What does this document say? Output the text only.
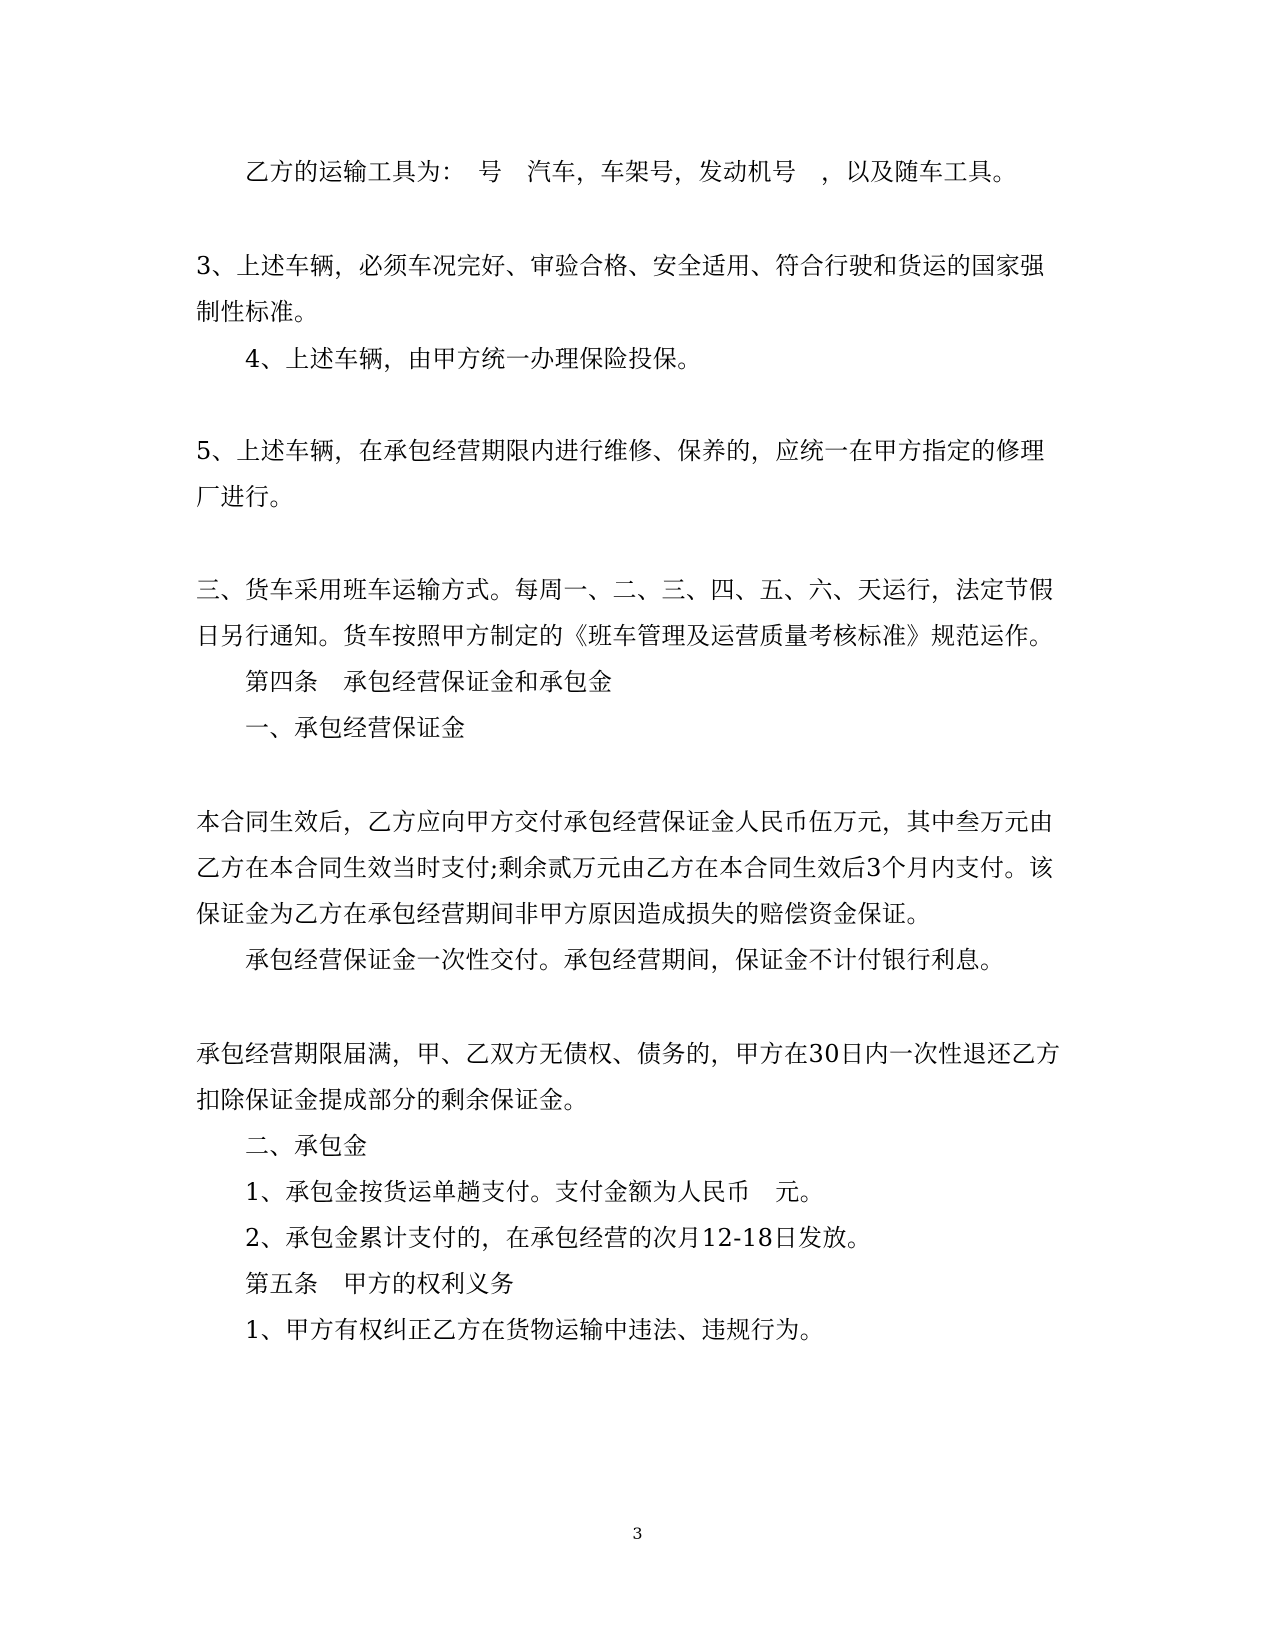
乙方的运输工具为：　号　汽车，车架号，发动机号　，以及随车工具。
3、上述车辆，必须车况完好、审验合格、安全适用、符合行驶和货运的国家强
制性标准。
4、上述车辆，由甲方统一办理保险投保。
5、上述车辆，在承包经营期限内进行维修、保养的，应统一在甲方指定的修理
厂进行。
三、货车采用班车运输方式。每周一、二、三、四、五、六、天运行，法定节假
日另行通知。货车按照甲方制定的《班车管理及运营质量考核标准》规范运作。
第四条　承包经营保证金和承包金
一、承包经营保证金
本合同生效后，乙方应向甲方交付承包经营保证金人民币伍万元，其中叁万元由
乙方在本合同生效当时支付;剩余贰万元由乙方在本合同生效后3个月内支付。该
保证金为乙方在承包经营期间非甲方原因造成损失的赔偿资金保证。
承包经营保证金一次性交付。承包经营期间，保证金不计付银行利息。
承包经营期限届满，甲、乙双方无债权、债务的，甲方在30日内一次性退还乙方
扣除保证金提成部分的剩余保证金。
二、承包金
1、承包金按货运单趟支付。支付金额为人民币　元。
2、承包金累计支付的，在承包经营的次月12-18日发放。
第五条　甲方的权利义务
1、甲方有权纠正乙方在货物运输中违法、违规行为。
3
